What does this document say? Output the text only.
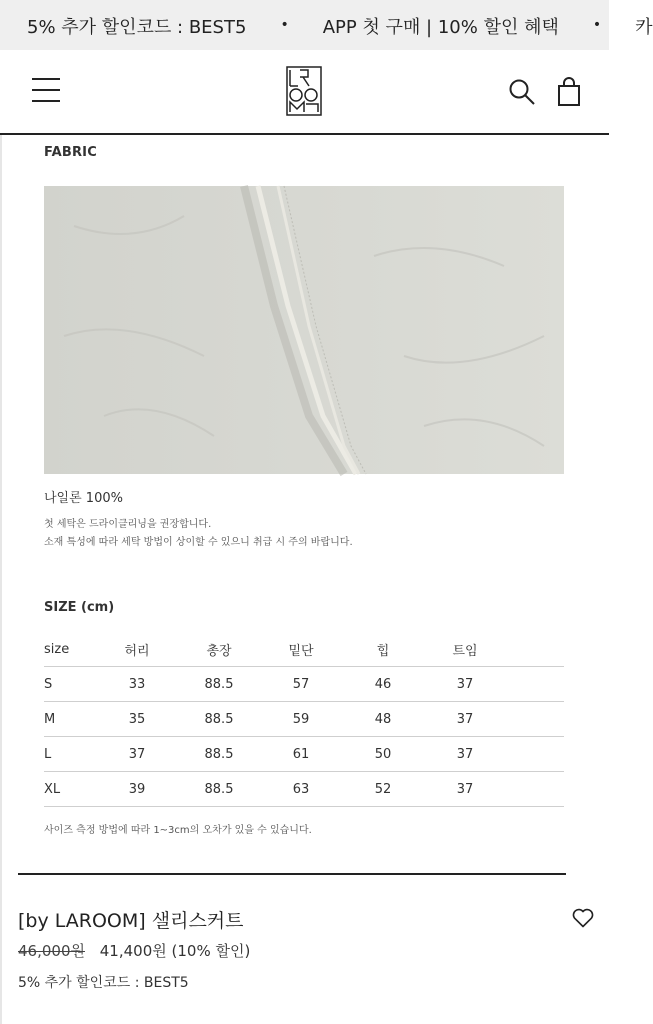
5% 추가 할인코드 : BEST5 • APP 첫 구매 | 10% 할인 혜택 • 카
FABRIC
나일론 100%
첫 세탁은 드라이클리닝을 권장합니다.
소재 특성에 따라 세탁 방법이 상이할 수 있으니 취급 시 주의 바랍니다.
SIZE (cm)
size	허리	총장	밑단	힙	트임	
S	33	88.5	57	46	37	
M	35	88.5	59	48	37	
L	37	88.5	61	50	37	
XL	39	88.5	63	52	37	
사이즈 측정 방법에 따라 1~3cm의 오차가 있을 수 있습니다.
[by LAROOM] 샐리스커트
46,000원 41,400원 (10% 할인)
5% 추가 할인코드 : BEST5
